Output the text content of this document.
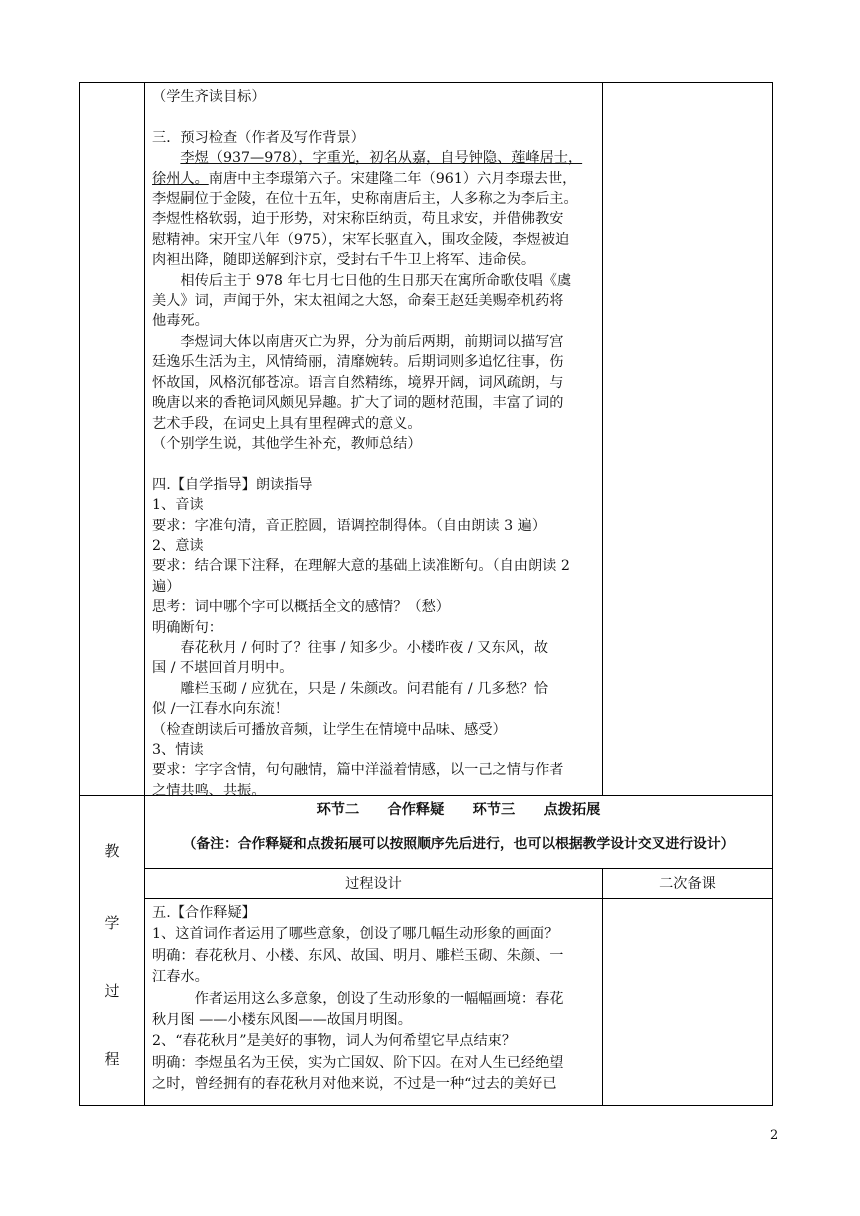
（学生齐读目标）

三．预习检查（作者及写作背景）

李煜（937—978），字重光，初名从嘉，自号钟隐、莲峰居士，

徐州人。南唐中主李璟第六子。宋建隆二年（961）六月李璟去世，

李煜嗣位于金陵，在位十五年，史称南唐后主，人多称之为李后主。

李煜性格软弱，迫于形势，对宋称臣纳贡，苟且求安，并借佛教安

慰精神。宋开宝八年（975），宋军长驱直入，围攻金陵，李煜被迫

肉袒出降，随即送解到汴京，受封右千牛卫上将军、违命侯。

相传后主于 978 年七月七日他的生日那天在寓所命歌伎唱《虞

美人》词，声闻于外，宋太祖闻之大怒，命秦王赵廷美赐牵机药将

他毒死。

李煜词大体以南唐灭亡为界，分为前后两期，前期词以描写宫

廷逸乐生活为主，风情绮丽，清靡婉转。后期词则多追忆往事，伤

怀故国，风格沉郁苍凉。语言自然精练，境界开阔，词风疏朗，与

晚唐以来的香艳词风颇见异趣。扩大了词的题材范围，丰富了词的

艺术手段，在词史上具有里程碑式的意义。

（个别学生说，其他学生补充，教师总结）

四.【自学指导】朗读指导

1、音读

要求：字准句清，音正腔圆，语调控制得体。（自由朗读 3 遍）

2、意读

要求：结合课下注释，在理解大意的基础上读准断句。（自由朗读 2

遍）

思考：词中哪个字可以概括全文的感情？（愁）

明确断句：

春花秋月 / 何时了？往事 / 知多少。小楼昨夜 / 又东风，故

国 / 不堪回首月明中。

雕栏玉砌 / 应犹在，只是 / 朱颜改。问君能有 / 几多愁？恰

似 /一江春水向东流！

（检查朗读后可播放音频，让学生在情境中品味、感受）

3、情读

要求：字字含情，句句融情，篇中洋溢着情感，以一己之情与作者

之情共鸣、共振。

环节二　　合作释疑　　环节三　　点拨拓展
（备注：合作释疑和点拨拓展可以按照顺序先后进行，也可以根据教学设计交叉进行设计）
过程设计	二次备课
教
学
过
程

五.【合作释疑】

1、这首词作者运用了哪些意象，创设了哪几幅生动形象的画面？

明确：春花秋月、小楼、东风、故国、明月、雕栏玉砌、朱颜、一

江春水。

作者运用这么多意象，创设了生动形象的一幅幅画境：春花

秋月图 ——小楼东风图——故国月明图。

2、“春花秋月”是美好的事物，词人为何希望它早点结束？

明确：李煜虽名为王侯，实为亡国奴、阶下囚。在对人生已经绝望

之时，曾经拥有的春花秋月对他来说，不过是一种“过去的美好已

2
